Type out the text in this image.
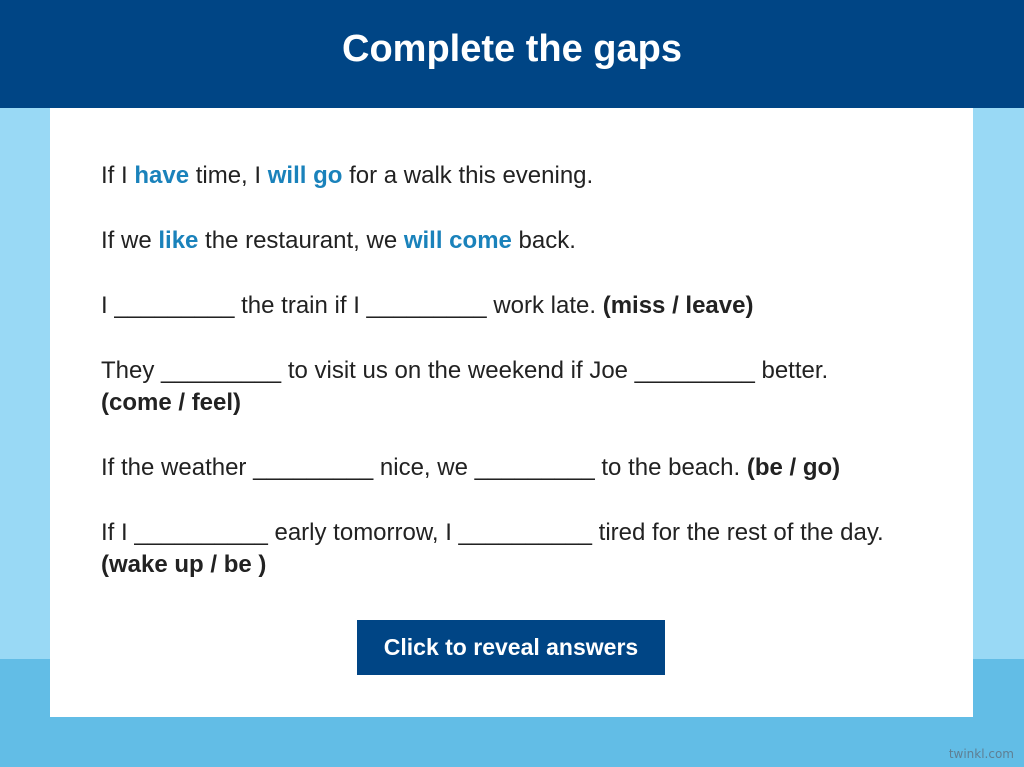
Complete the gaps

If I have time, I will go for a walk this evening.

If we like the restaurant, we will come back.

I _________ the train if I _________ work late. (miss / leave)

They _________ to visit us on the weekend if Joe _________ better.
(come / feel)

If the weather _________ nice, we _________ to the beach. (be / go)

If I __________ early tomorrow, I __________ tired for the rest of the day.
(wake up / be )

Click to reveal answers
twinkl.com
